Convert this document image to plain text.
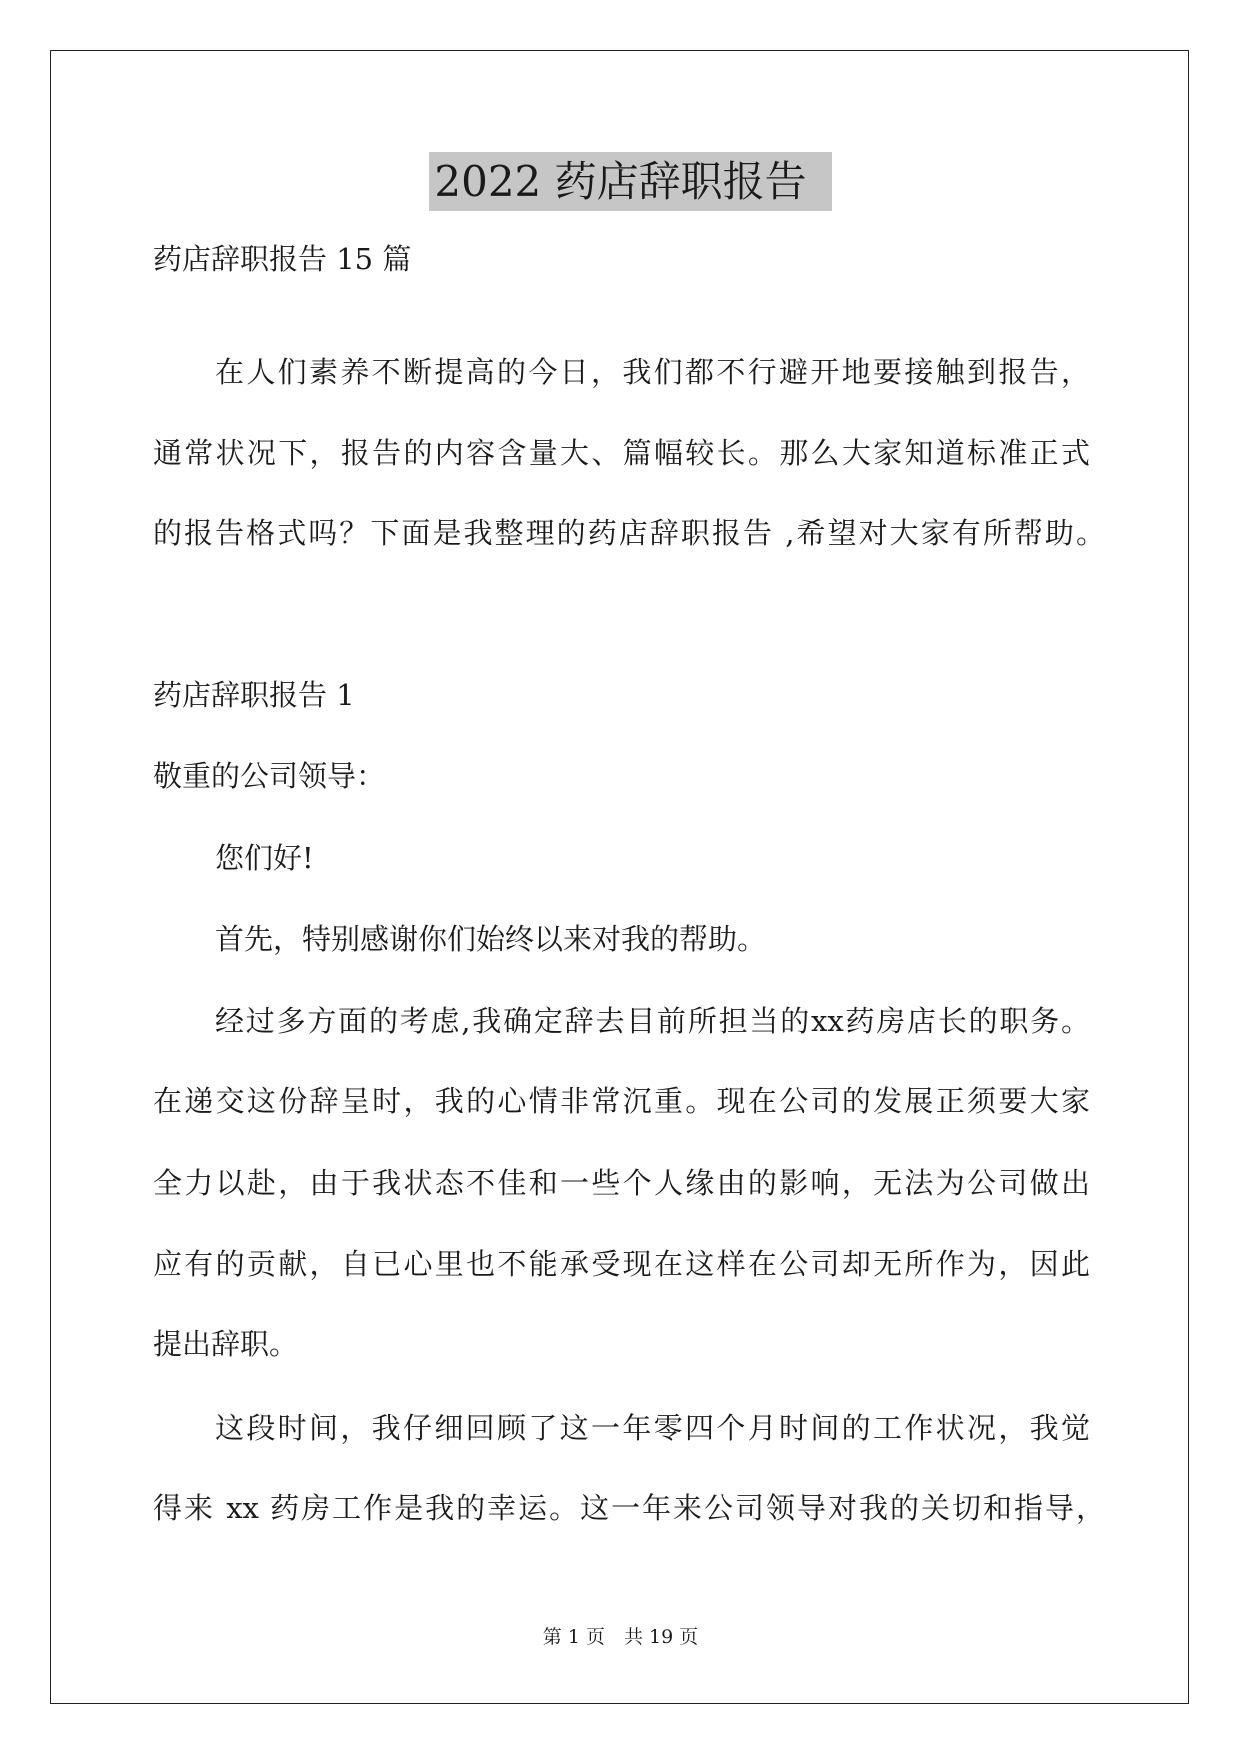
2022 药店辞职报告

药店辞职报告 15 篇

在人们素养不断提高的今日，我们都不行避开地要接触到报告，

通常状况下，报告的内容含量大、篇幅较长。那么大家知道标准正式

的报告格式吗？下面是我整理的药店辞职报告 ,希望对大家有所帮助。

药店辞职报告 1

敬重的公司领导：

您们好!

首先，特别感谢你们始终以来对我的帮助。

经过多方面的考虑,我确定辞去目前所担当的xx药房店长的职务。

在递交这份辞呈时，我的心情非常沉重。现在公司的发展正须要大家

全力以赴，由于我状态不佳和一些个人缘由的影响，无法为公司做出

应有的贡献，自已心里也不能承受现在这样在公司却无所作为，因此

提出辞职。

这段时间，我仔细回顾了这一年零四个月时间的工作状况，我觉

得来 xx 药房工作是我的幸运。这一年来公司领导对我的关切和指导，

第 1 页　共 19 页
